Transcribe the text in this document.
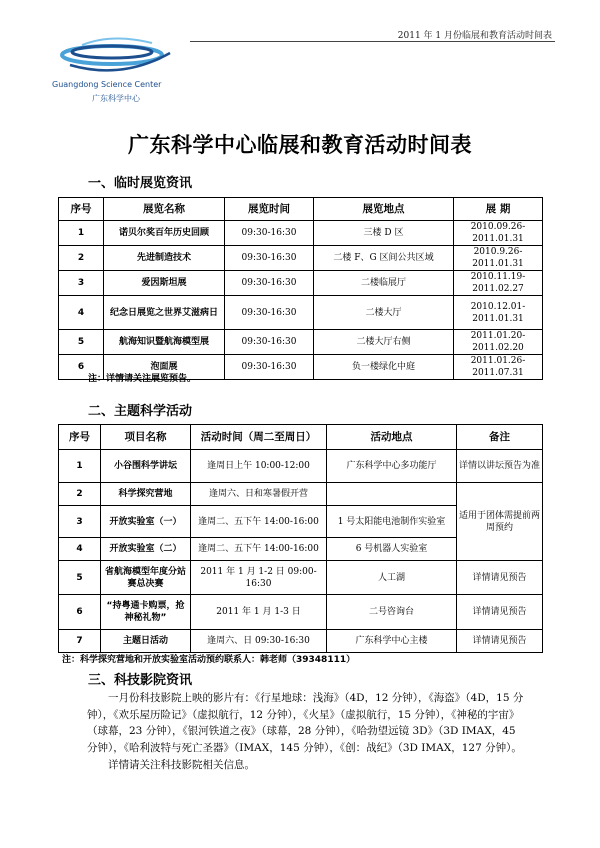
Guangdong Science Center
广东科学中心
2011 年 1 月份临展和教育活动时间表
广东科学中心临展和教育活动时间表
一、临时展览资讯
序号	展览名称	展览时间	展览地点	展 期
1	诺贝尔奖百年历史回顾	09:30-16:30	三楼 D 区	2010.09.26-2011.01.31
2	先进制造技术	09:30-16:30	二楼 F、G 区间公共区域	2010.9.26-2011.01.31
3	爱因斯坦展	09:30-16:30	二楼临展厅	2010.11.19-2011.02.27
4	纪念日展览之世界艾滋病日	09:30-16:30	二楼大厅	2010.12.01-2011.01.31
5	航海知识暨航海模型展	09:30-16:30	二楼大厅右侧	2011.01.20-2011.02.20
6	泡面展	09:30-16:30	负一楼绿化中庭	2011.01.26-2011.07.31
注：详情请关注展览预告。
二、主题科学活动
序号	项目名称	活动时间（周二至周日）	活动地点	备注
1	小谷围科学讲坛	逢周日上午 10:00-12:00	广东科学中心多功能厅	详情以讲坛预告为准
2	科学探究营地	逢周六、日和寒暑假开营		适用于团体需提前两周预约
3	开放实验室（一）	逢周二、五下午 14:00-16:00	1 号太阳能电池制作实验室	
4	开放实验室（二）	逢周二、五下午 14:00-16:00	6 号机器人实验室	
5	省航海模型年度分站赛总决赛	2011 年 1 月 1-2 日 09:00-16:30	人工湖	详情请见预告
6	“持粤通卡购票，抢神秘礼物”	2011 年 1 月 1-3 日	二号咨询台	详情请见预告
7	主题日活动	逢周六、日 09:30-16:30	广东科学中心主楼	详情请见预告
注：科学探究营地和开放实验室活动预约联系人：韩老师（39348111）
三、科技影院资讯

一月份科技影院上映的影片有：《行星地球：浅海》（4D，12 分钟），《海盗》（4D，15 分钟），《欢乐屋历险记》（虚拟航行，12 分钟），《火星》（虚拟航行，15 分钟），《神秘的宇宙》（球幕，23 分钟），《银河铁道之夜》（球幕，28 分钟），《哈勃望远镜 3D》（3D IMAX，45 分钟），《哈利波特与死亡圣器》（IMAX，145 分钟），《创：战纪》（3D IMAX，127 分钟）。

详情请关注科技影院相关信息。
